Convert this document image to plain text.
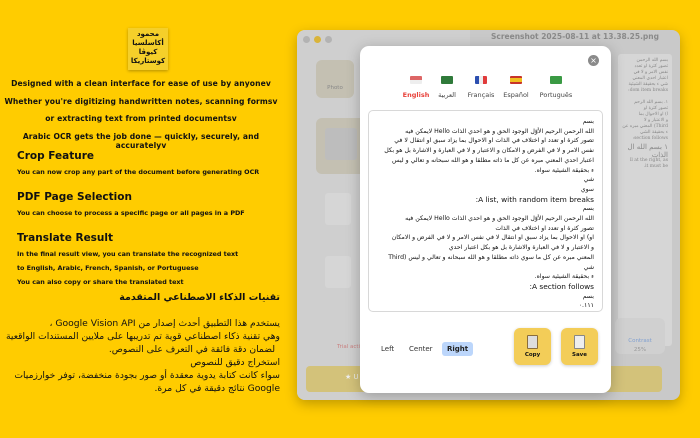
محمود
أكاسلسيا كيوڤا
كوستاريكا
Designed with a clean interface for ease of use by anyonev
Whether you're digitizing handwritten notes, scanning formsv
or extracting text from printed documentsv
Arabic OCR gets the job done — quickly, securely, and accuratelyv
Crop Feature
You can now crop any part of the document before generating OCR
PDF Page Selection
You can choose to process a specific page or all pages in a PDF
Translate Result
In the final result view, you can translate the recognized text
to English, Arabic, French, Spanish, or Portuguese
You can also copy or share the translated text
تقنيات الذكاء الاصطناعي المتقدمة
يستخدم هذا التطبيق أحدث إصدار من Google Vision API ،
وهي تقنية ذكاء اصطناعي قوية تم تدريبها على ملايين المستندات الواقعية
لضمان دقة فائقة في التعرف على النصوص.
استخراج دقيق للنصوص
سواء كانت كتابة يدوية معقدة أو صور بجودة منخفضة، توفر خوارزميات
Google نتائج دقيقة في كل مرة.
Screenshot 2025-08-11 at 13.38.25.png
Photo
Trial acti
بسم الله الرحمن
تصور كثرة او تعدد
نفس الامر و لا في
اعتبار احدي المعني
شي ء بحقيقة الشيئية
dom item breaks:

١. بسم الله الرحم
تصور كثرة او
ا) او الاحوال بما
و الاعتبار و لا
Third) المعني مبره عن
ء بحقيقة الشي
section follows:
١ بسم الله ال
الذات
ll at the right, as
it must be.
Contrast
25%
★ U
×
English	العربية	Français	Español	Português
بسم
الله الرحمن الرحيم الأوّل الوجود الحق و هو احدي الذات Hello لايمكن فيه
تصور كثرة او تعدد او اختلاف في الذات او الاحوال بما يزاد سبق او انتقال لا في
نفس الامر و لا في الفرض و الامكان و الاعتبار و لا في العبارة و الاشارة بل هو بكل
اعتبار احدي المعني مبره عن كل ما ذاته مطلقا و هو الله سبحانه و تعالي و ليس
ء بحقيقة الشيئية سواه.
شي
سوي
A list, with random item breaks:
بسم
الله الرحمن الرحيم الأوّل الوجود الحق و هو احدي الذات Hello لايمكن فيه
تصور كثرة او تعدد او اختلاف في الذات
او) او الاحوال بما يزاد سبق او انتقال لا في نفس الامر و لا في الفرض و الامكان
و الاعتبار و لا في العبارة والاشارة بل هو بكل اعتبار احدي
المعني مبره عن كل ما سوي ذاته مطلقا و هو الله سبحانه و تعالي و ليس (Third
شي
ء بحقيقة الشيئية سواه.
A section follows:
بسم
٠.١١١
Left	Center	Right
Copy	Save
